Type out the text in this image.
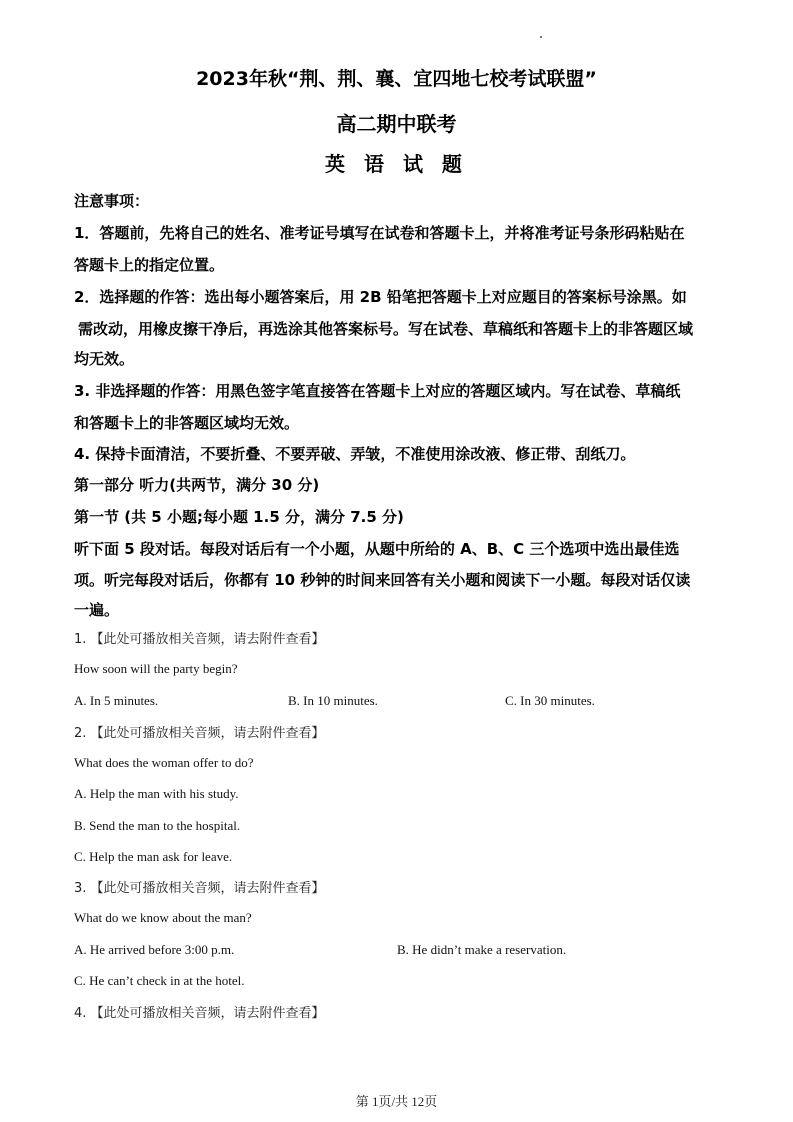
2023年秋“荆、荆、襄、宜四地七校考试联盟”
高二期中联考
英 语 试 题
注意事项：
1．答题前，先将自己的姓名、准考证号填写在试卷和答题卡上，并将准考证号条形码粘贴在
答题卡上的指定位置。
2．选择题的作答：选出每小题答案后，用 2B 铅笔把答题卡上对应题目的答案标号涂黑。如
需改动，用橡皮擦干净后，再选涂其他答案标号。写在试卷、草稿纸和答题卡上的非答题区域
均无效。
3. 非选择题的作答：用黑色签字笔直接答在答题卡上对应的答题区域内。写在试卷、草稿纸
和答题卡上的非答题区域均无效。
4. 保持卡面清洁，不要折叠、不要弄破、弄皱，不准使用涂改液、修正带、刮纸刀。
第一部分 听力(共两节，满分 30 分)
第一节 (共 5 小题;每小题 1.5 分，满分 7.5 分)
听下面 5 段对话。每段对话后有一个小题，从题中所给的 A、B、C 三个选项中选出最佳选
项。听完每段对话后，你都有 10 秒钟的时间来回答有关小题和阅读下一小题。每段对话仅读
一遍。
1. 【此处可播放相关音频，请去附件查看】
How soon will the party begin?
A. In 5 minutes.	B. In 10 minutes.	C. In 30 minutes.
2. 【此处可播放相关音频，请去附件查看】
What does the woman offer to do?
A. Help the man with his study.
B. Send the man to the hospital.
C. Help the man ask for leave.
3. 【此处可播放相关音频，请去附件查看】
What do we know about the man?
A. He arrived before 3:00 p.m.	B. He didn’t make a reservation.
C. He can’t check in at the hotel.
4. 【此处可播放相关音频，请去附件查看】
第 1页/共 12页
